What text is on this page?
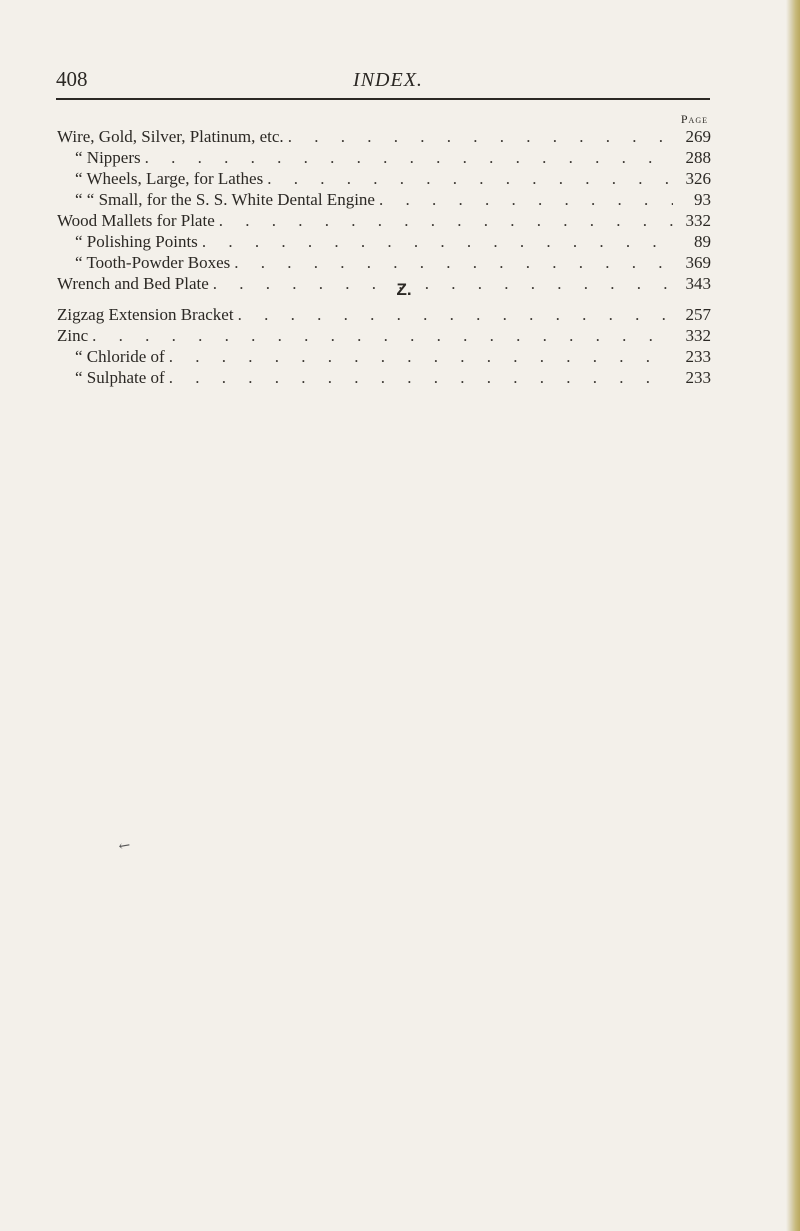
408	INDEX.
Page
Wire, Gold, Silver, Platinum, etc. . . .	269
“ Nippers . . .	288
“ Wheels, Large, for Lathes . . .	326
“ “ Small, for the S. S. White Dental Engine . . .	93
Wood Mallets for Plate . . .	332
“ Polishing Points . . .	89
“ Tooth-Powder Boxes . . .	369
Wrench and Bed Plate . . .	343
Z.
Zigzag Extension Bracket . . .	257
Zinc . . .	332
“ Chloride of . . .	233
“ Sulphate of . . .	233
↙
